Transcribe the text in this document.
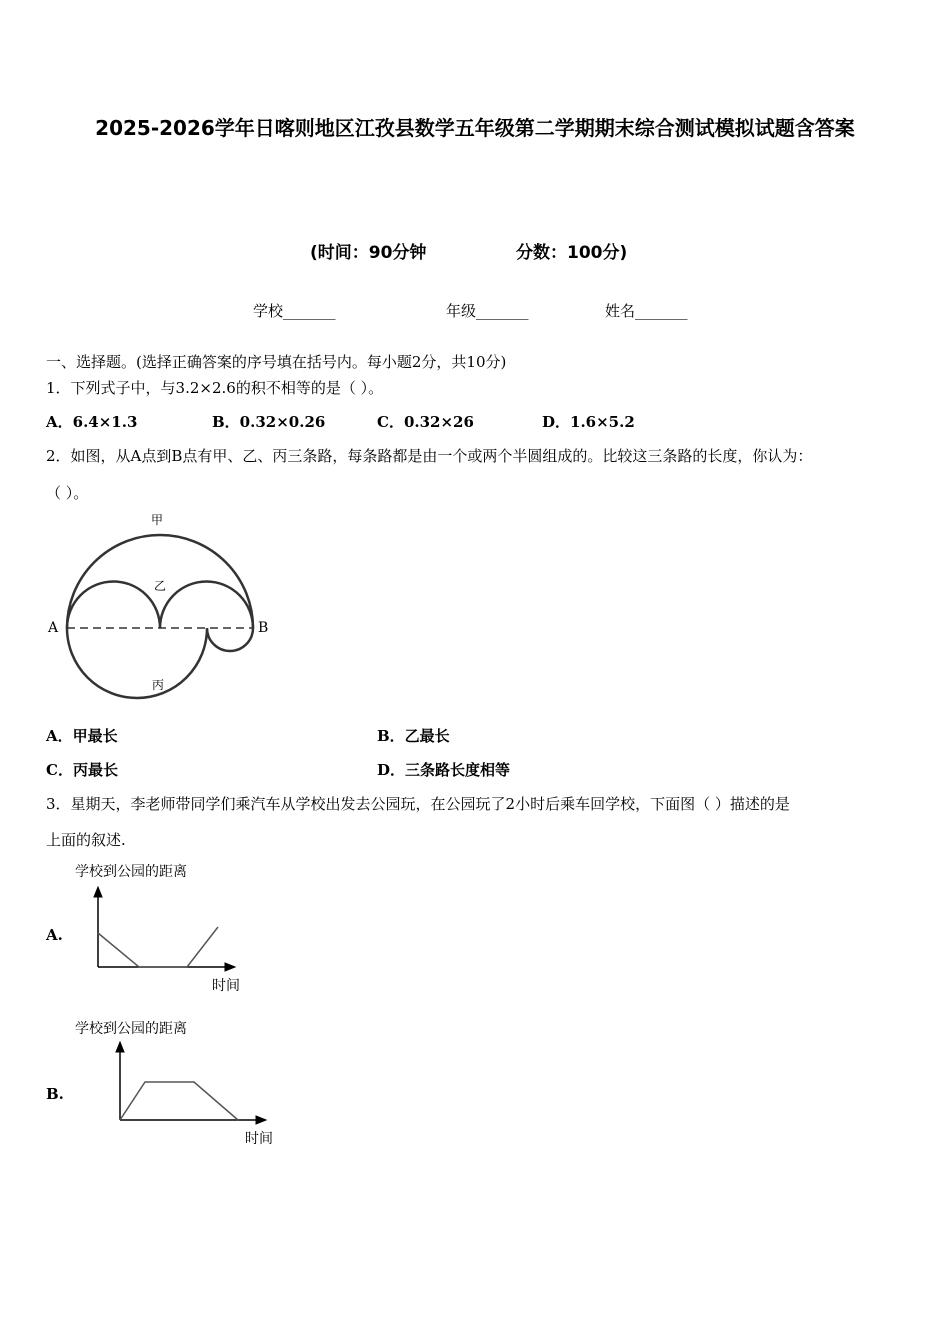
2025-2026学年日喀则地区江孜县数学五年级第二学期期末综合测试模拟试题含答案
(时间：90分钟	分数：100分)
学校_______	年级_______	姓名_______
一、选择题。(选择正确答案的序号填在括号内。每小题2分，共10分)
1．下列式子中，与3.2×2.6的积不相等的是（ ）。
A．6.4×1.3	B．0.32×0.26	C．0.32×26	D．1.6×5.2
2．如图，从A点到B点有甲、乙、丙三条路，每条路都是由一个或两个半圆组成的。比较这三条路的长度，你认为：
（ ）。
甲
乙
丙
A	B
A．甲最长	B．乙最长
C．丙最长	D．三条路长度相等
3．星期天，李老师带同学们乘汽车从学校出发去公园玩，在公园玩了2小时后乘车回学校，下面图（ ）描述的是
上面的叙述.
学校到公园的距离
A.
时间
学校到公园的距离
B.
时间
